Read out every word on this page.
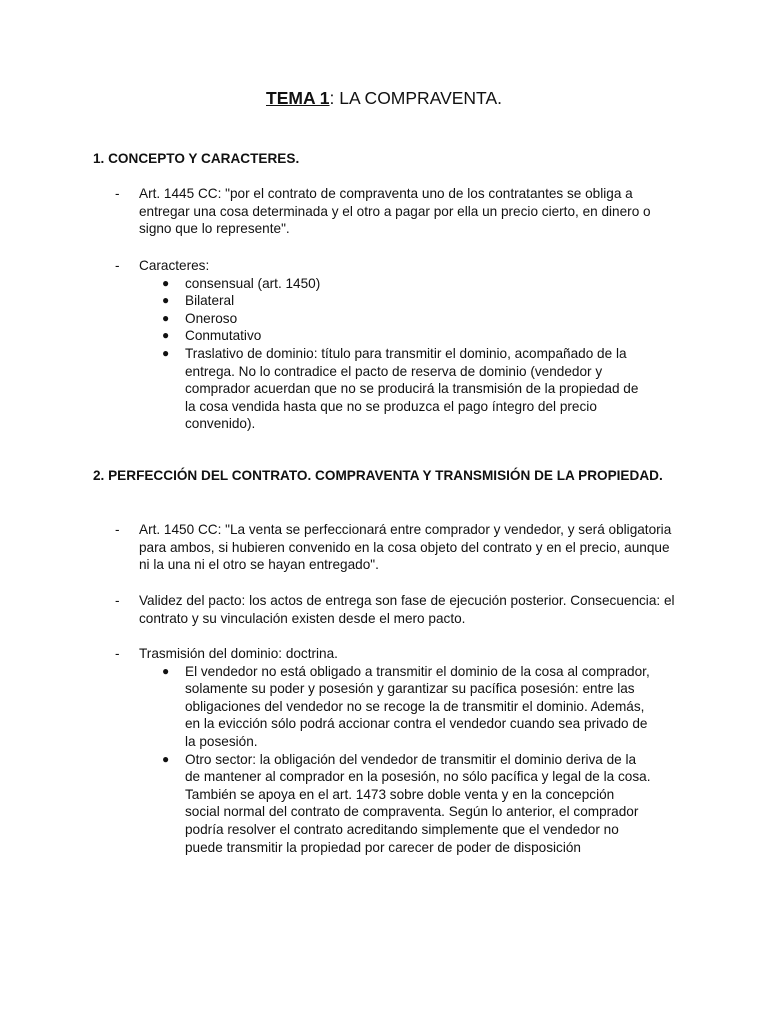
TEMA 1: LA COMPRAVENTA.
1. CONCEPTO Y CARACTERES.
- Art. 1445 CC: "por el contrato de compraventa uno de los contratantes se obliga a entregar una cosa determinada y el otro a pagar por ella un precio cierto, en dinero o signo que lo represente".
- Caracteres:
● consensual (art. 1450)
● Bilateral
● Oneroso
● Conmutativo
● Traslativo de dominio: título para transmitir el dominio, acompañado de la entrega. No lo contradice el pacto de reserva de dominio (vendedor y comprador acuerdan que no se producirá la transmisión de la propiedad de la cosa vendida hasta que no se produzca el pago íntegro del precio convenido).
2. PERFECCIÓN DEL CONTRATO. COMPRAVENTA Y TRANSMISIÓN DE LA PROPIEDAD.
- Art. 1450 CC: "La venta se perfeccionará entre comprador y vendedor, y será obligatoria para ambos, si hubieren convenido en la cosa objeto del contrato y en el precio, aunque ni la una ni el otro se hayan entregado".
- Validez del pacto: los actos de entrega son fase de ejecución posterior. Consecuencia: el contrato y su vinculación existen desde el mero pacto.
- Trasmisión del dominio: doctrina.
● El vendedor no está obligado a transmitir el dominio de la cosa al comprador, solamente su poder y posesión y garantizar su pacífica posesión: entre las obligaciones del vendedor no se recoge la de transmitir el dominio. Además, en la evicción sólo podrá accionar contra el vendedor cuando sea privado de la posesión.
● Otro sector: la obligación del vendedor de transmitir el dominio deriva de la de mantener al comprador en la posesión, no sólo pacífica y legal de la cosa. También se apoya en el art. 1473 sobre doble venta y en la concepción social normal del contrato de compraventa. Según lo anterior, el comprador podría resolver el contrato acreditando simplemente que el vendedor no puede transmitir la propiedad por carecer de poder de disposición
